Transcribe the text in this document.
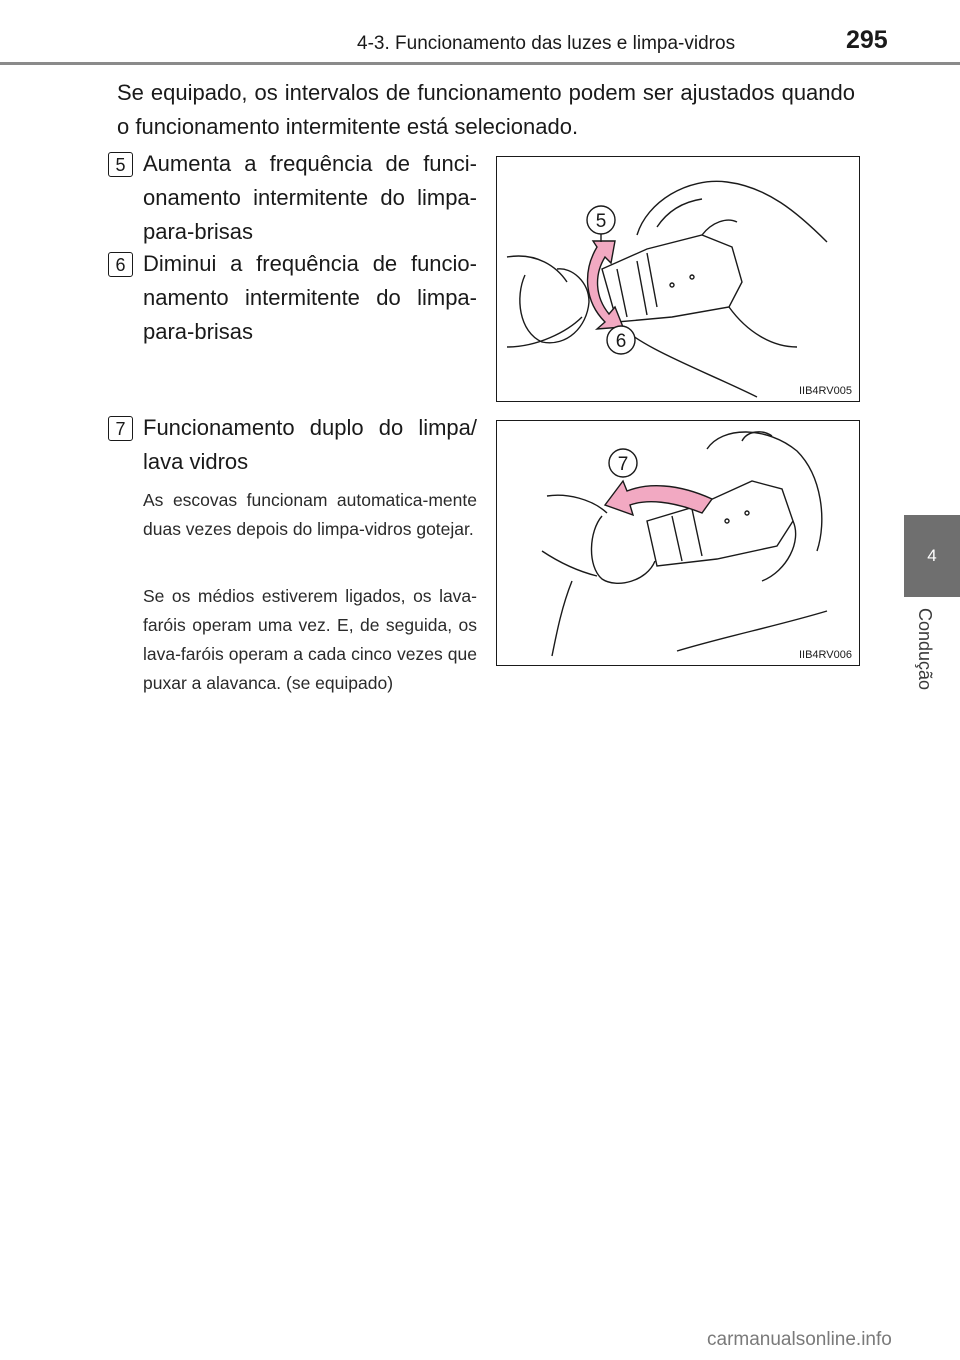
4-3. Funcionamento das luzes e limpa-vidros	295
4
Condução
Se equipado, os intervalos de funcionamento podem ser ajustados quando o funcionamento intermitente está selecionado.
5 Aumenta a frequência de funci-onamento intermitente do limpa-para-brisas
6 Diminui a frequência de funcio-namento intermitente do limpa-para-brisas
7 Funcionamento duplo do limpa/ lava vidros
As escovas funcionam automatica-mente duas vezes depois do limpa-vidros gotejar.
Se os médios estiverem ligados, os lava-faróis operam uma vez. E, de seguida, os lava-faróis operam a cada cinco vezes que puxar a alavanca. (se equipado)
5
6
IIB4RV005
7
IIB4RV006
carmanualsonline.info
